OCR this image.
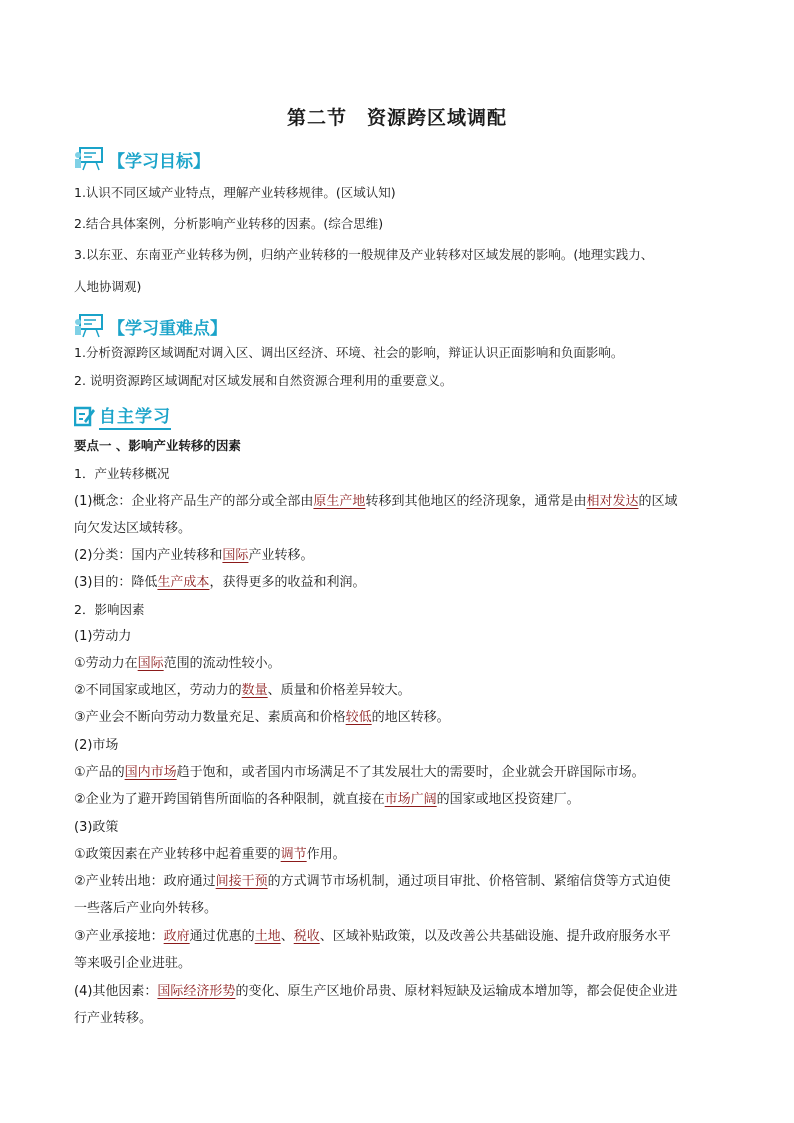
第二节　资源跨区域调配
【学习目标】
1.认识不同区域产业特点，理解产业转移规律。(区域认知)
2.结合具体案例，分析影响产业转移的因素。(综合思维)
3.以东亚、东南亚产业转移为例，归纳产业转移的一般规律及产业转移对区域发展的影响。(地理实践力、
人地协调观)
【学习重难点】
1.分析资源跨区域调配对调入区、调出区经济、环境、社会的影响，辩证认识正面影响和负面影响。
2. 说明资源跨区域调配对区域发展和自然资源合理利用的重要意义。
自主学习
要点一 、影响产业转移的因素
1．产业转移概况
(1)概念：企业将产品生产的部分或全部由原生产地转移到其他地区的经济现象，通常是由相对发达的区域
向欠发达区域转移。
(2)分类：国内产业转移和国际产业转移。
(3)目的：降低生产成本，获得更多的收益和利润。
2．影响因素
(1)劳动力
①劳动力在国际范围的流动性较小。
②不同国家或地区，劳动力的数量、质量和价格差异较大。
③产业会不断向劳动力数量充足、素质高和价格较低的地区转移。
(2)市场
①产品的国内市场趋于饱和，或者国内市场满足不了其发展壮大的需要时，企业就会开辟国际市场。
②企业为了避开跨国销售所面临的各种限制，就直接在市场广阔的国家或地区投资建厂。
(3)政策
①政策因素在产业转移中起着重要的调节作用。
②产业转出地：政府通过间接干预的方式调节市场机制，通过项目审批、价格管制、紧缩信贷等方式迫使
一些落后产业向外转移。
③产业承接地：政府通过优惠的土地、税收、区域补贴政策，以及改善公共基础设施、提升政府服务水平
等来吸引企业进驻。
(4)其他因素：国际经济形势的变化、原生产区地价昂贵、原材料短缺及运输成本增加等，都会促使企业进
行产业转移。
